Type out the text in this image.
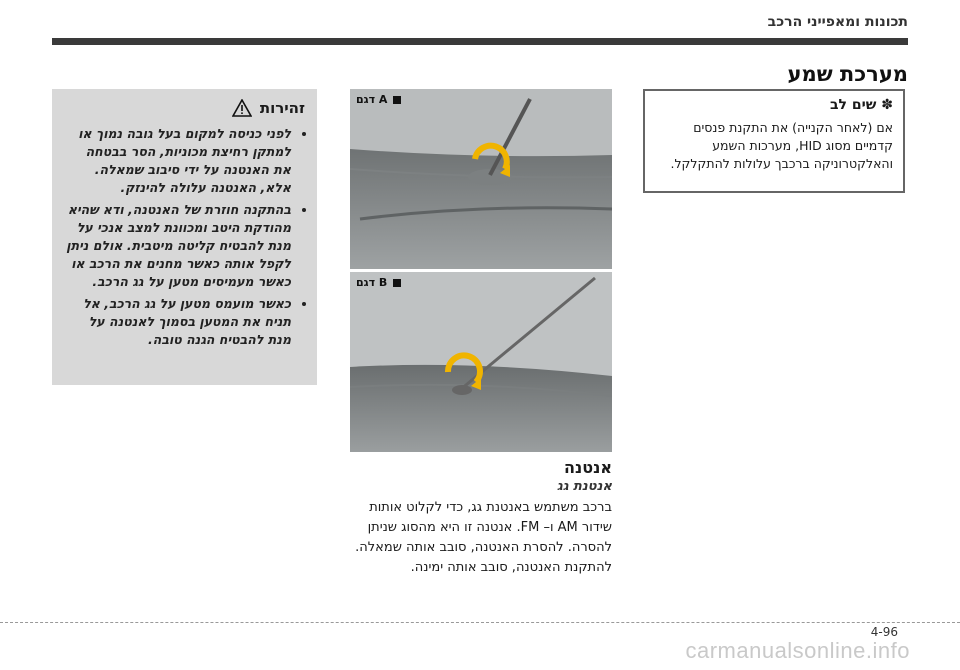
תכונות ומאפייני הרכב
מערכת שמע
✽ שים לב
אם (לאחר הקנייה) את התקנת פנסים קדמיים מסוג HID, מערכות השמע והאלקטרוניקה ברכבך עלולות להתקלקל.
דגם A
דגם B
אנטנה
אנטנת גג
ברכב משתמש באנטנת גג, כדי לקלוט אותות שידור AM ו– FM. אנטנה זו היא מהסוג שניתן להסרה. להסרת האנטנה, סובב אותה שמאלה. להתקנת האנטנה, סובב אותה ימינה.
זהירות
• לפני כניסה למקום בעל גובה נמוך או למתקן רחיצת מכוניות, הסר בבטחה את האנטנה על ידי סיבוב שמאלה. אלא, האנטנה עלולה להינזק.
• בהתקנה חוזרת של האנטנה, ודא שהיא מהודקת היטב ומכוונת למצב אנכי על מנת להבטיח קליטה מיטבית. אולם ניתן לקפל אותה כאשר מחנים את הרכב או כאשר מעמיסים מטען על גג הרכב.
• כאשר מועמס מטען על גג הרכב, אל תניח את המטען בסמוך לאנטנה על מנת להבטיח הגנה טובה.
4-96
carmanualsonline.info
